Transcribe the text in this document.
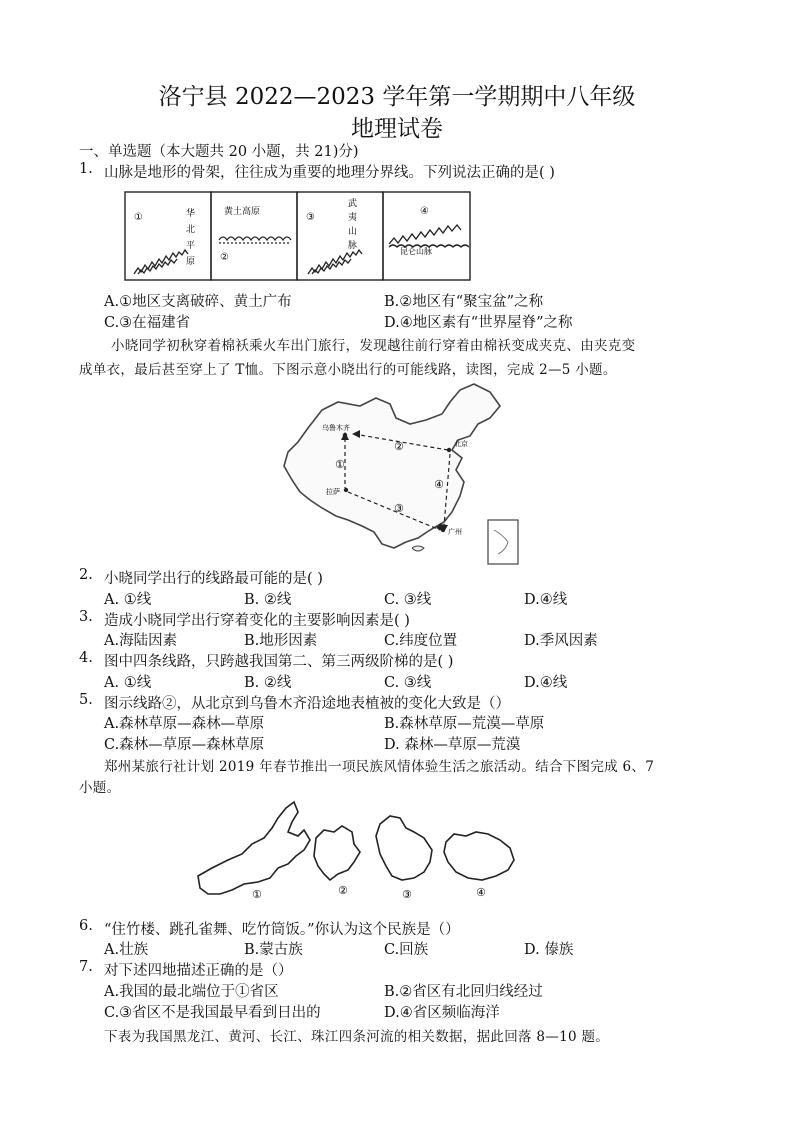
洛宁县 2022—2023 学年第一学期期中八年级
地理试卷
一、单选题（本大题共 20 小题，共 21)分)
1. 山脉是地形的骨架，往往成为重要的地理分界线。下列说法正确的是( )
①
②
③
④
黄土高原
昆仑山脉
华
北
平
原
武
夷
山
脉
A.①地区支离破碎、黄土广布	B.②地区有“聚宝盆”之称
C.③在福建省	D.④地区素有“世界屋脊”之称
小晓同学初秋穿着棉袄乘火车出门旅行，发现越往前行穿着由棉袄变成夹克、由夹克变
成单衣，最后甚至穿上了 T恤。下图示意小晓出行的可能线路，读图，完成 2—5 小题。
乌鲁木齐
北京
拉萨
广州
①
②
③
④
2. 小晓同学出行的线路最可能的是( )
A. ①线	B. ②线	C. ③线	D.④线
3. 造成小晓同学出行穿着变化的主要影响因素是( )
A.海陆因素	B.地形因素	C.纬度位置	D.季风因素
4. 图中四条线路，只跨越我国第二、第三两级阶梯的是( )
A. ①线	B. ②线	C. ③线	D.④线
5. 图示线路②，从北京到乌鲁木齐沿途地表植被的变化大致是（）
A.森林草原—森林—草原	B.森林草原—荒漠—草原
C.森林—草原—森林草原	D. 森林—草原—荒漠
郑州某旅行社计划 2019 年春节推出一项民族风情体验生活之旅活动。结合下图完成 6、7
小题。
①	②	③	④
6. “住竹楼、跳孔雀舞、吃竹筒饭。”你认为这个民族是（）
A.壮族	B.蒙古族	C.回族	D. 傣族
7. 对下述四地描述正确的是（）
A.我国的最北端位于①省区	B.②省区有北回归线经过
C.③省区不是我国最早看到日出的	D.④省区频临海洋
下表为我国黑龙江、黄河、长江、珠江四条河流的相关数据，据此回落 8—10 题。
